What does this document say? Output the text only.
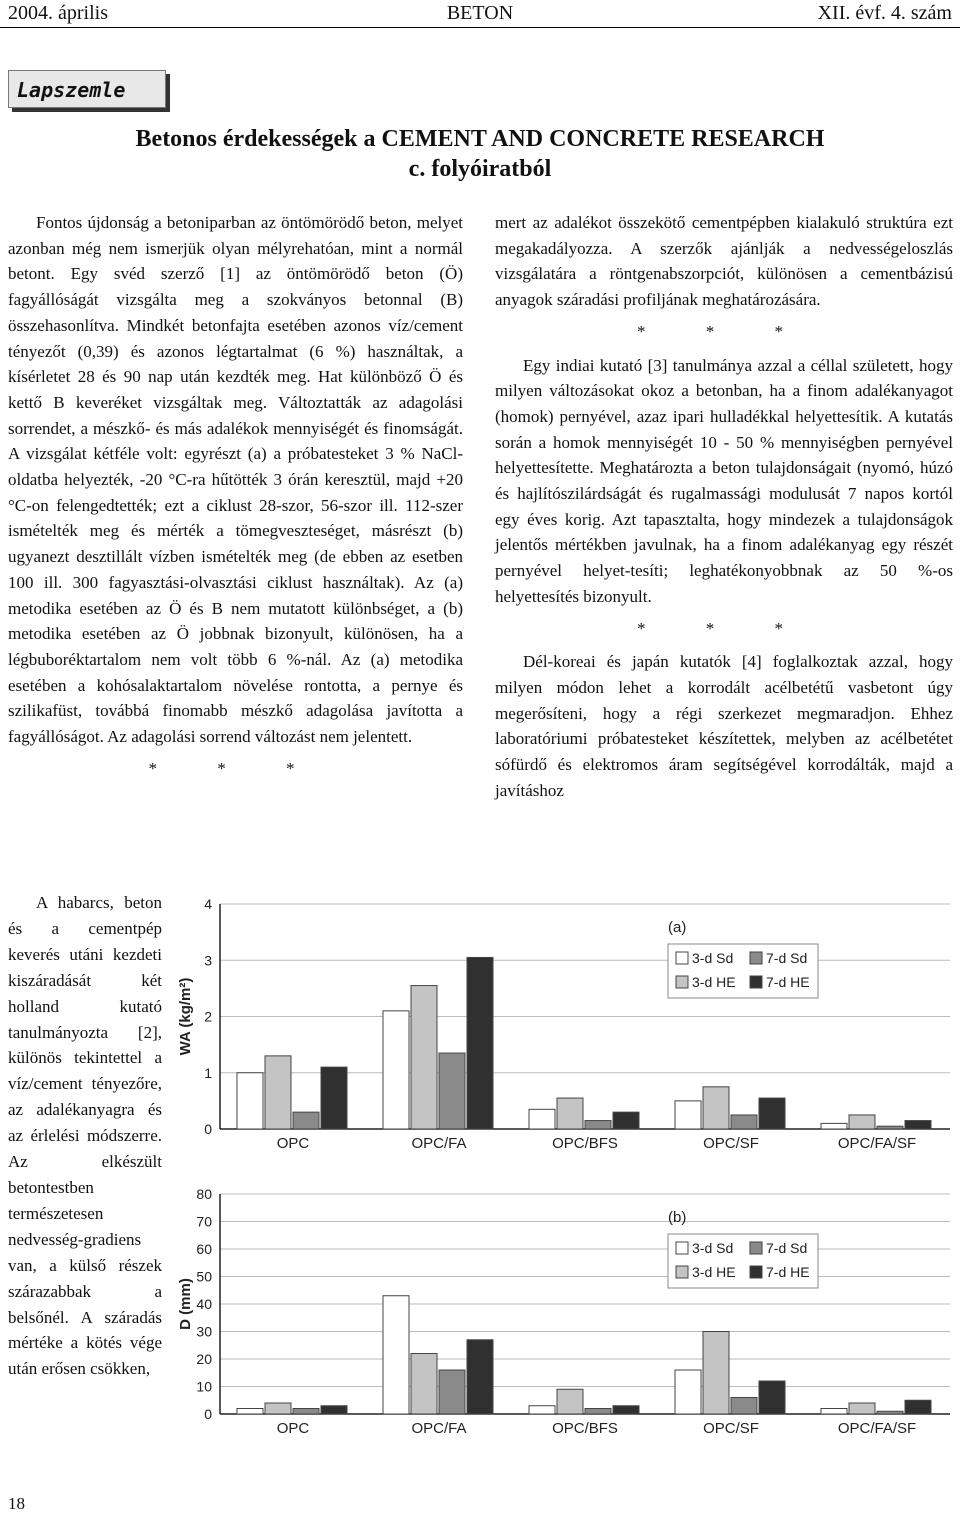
2004. április	BETON	XII. évf. 4. szám
Lapszemle
Betonos érdekességek a CEMENT AND CONCRETE RESEARCH
c. folyóiratból

Fontos újdonság a betoniparban az öntömörödő beton, melyet azonban még nem ismerjük olyan mélyrehatóan, mint a normál betont. Egy svéd szerző [1] az öntömörödő beton (Ö) fagyállóságát vizsgálta meg a szokványos betonnal (B) összehasonlítva. Mindkét betonfajta esetében azonos víz/cement tényezőt (0,39) és azonos légtartalmat (6 %) használtak, a kísérletet 28 és 90 nap után kezdték meg. Hat különböző Ö és kettő B keveréket vizsgáltak meg. Változtatták az adagolási sorrendet, a mészkő- és más adalékok mennyiségét és finomságát. A vizsgálat kétféle volt: egyrészt (a) a próbatesteket 3 % NaCl-oldatba helyezték, -20 °C-ra hűtötték 3 órán keresztül, majd +20 °C-on felengedtették; ezt a ciklust 28-szor, 56-szor ill. 112-szer ismételték meg és mérték a tömegveszteséget, másrészt (b) ugyanezt desztillált vízben ismételték meg (de ebben az esetben 100 ill. 300 fagyasztási-olvasztási ciklust használtak). Az (a) metodika esetében az Ö és B nem mutatott különbséget, a (b) metodika esetében az Ö jobbnak bizonyult, különösen, ha a légbuboréktartalom nem volt több 6 %-nál. Az (a) metodika esetében a kohósalaktartalom növelése rontotta, a pernye és szilikafüst, továbbá finomabb mészkő adagolása javította a fagyállóságot. Az adagolási sorrend változást nem jelentett.

* * *

mert az adalékot összekötő cementpépben kialakuló struktúra ezt megakadályozza. A szerzők ajánlják a nedvességeloszlás vizsgálatára a röntgenabszorpciót, különösen a cementbázisú anyagok száradási profiljának meghatározására.

* * *

Egy indiai kutató [3] tanulmánya azzal a céllal született, hogy milyen változásokat okoz a betonban, ha a finom adalékanyagot (homok) pernyével, azaz ipari hulladékkal helyettesítik. A kutatás során a homok mennyiségét 10 - 50 % mennyiségben pernyével helyettesítette. Meghatározta a beton tulajdonságait (nyomó, húzó és hajlítószilárdságát és rugalmassági modulusát 7 napos kortól egy éves korig. Azt tapasztalta, hogy mindezek a tulajdonságok jelentős mértékben javulnak, ha a finom adalékanyag egy részét pernyével helyet-tesíti; leghatékonyobbnak az 50 %-os helyettesítés bizonyult.

* * *

Dél-koreai és japán kutatók [4] foglalkoztak azzal, hogy milyen módon lehet a korrodált acélbetétű vasbetont úgy megerősíteni, hogy a régi szerkezet megmaradjon. Ehhez laboratóriumi próbatesteket készítettek, melyben az acélbetétet sófürdő és elektromos áram segítségével korrodálták, majd a javításhoz

A habarcs, beton és a cementpép keverés utáni kezdeti kiszáradását két holland kutató tanulmányozta [2], különös tekintettel a víz/cement tényezőre, az adalékanyagra és az érlelési módszerre. Az elkészült betontestben természetesen nedvesség-gradiens van, a külső részek szárazabbak a belsőnél. A száradás mértéke a kötés vége után erősen csökken,

0
1
2
3
4
WA (kg/m²)
OPC	OPC/FA	OPC/BFS	OPC/SF	OPC/FA/SF
(a)
3-d Sd 7-d Sd
3-d HE 7-d HE
0
10
20
30
40
50
60
70
80
D (mm)
OPC	OPC/FA	OPC/BFS	OPC/SF	OPC/FA/SF
(b)
3-d Sd 7-d Sd
3-d HE 7-d HE
18
